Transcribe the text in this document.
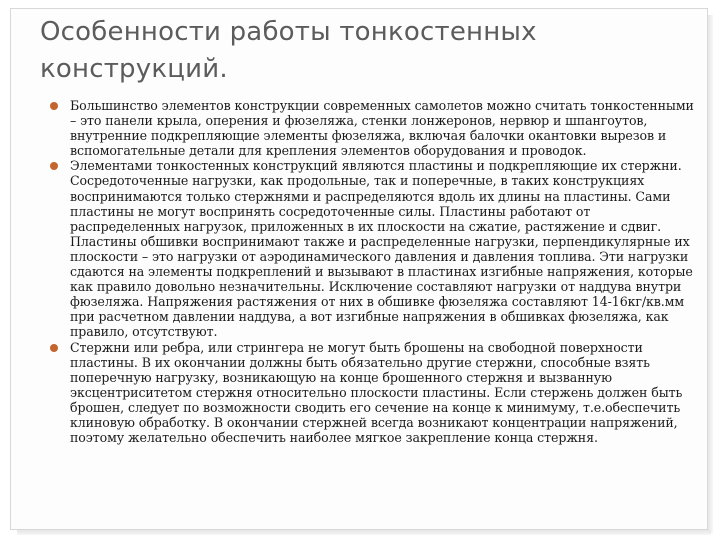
Особенности работы тонкостенных конструкций.
Большинство элементов конструкции современных самолетов можно считать тонкостенными – это панели крыла, оперения и фюзеляжа, стенки лонжеронов, нервюр и шпангоутов, внутренние подкрепляющие элементы фюзеляжа, включая балочки окантовки вырезов и вспомогательные детали для крепления элементов оборудования и проводок.
Элементами тонкостенных конструкций являются пластины и подкрепляющие их стержни. Сосредоточенные нагрузки, как продольные, так и поперечные, в таких конструкциях воспринимаются только стержнями и распределяются вдоль их длины на пластины. Сами пластины не могут воспринять сосредоточенные силы. Пластины работают от распределенных нагрузок, приложенных в их плоскости на сжатие, растяжение и сдвиг. Пластины обшивки воспринимают также и распределенные нагрузки, перпендикулярные их плоскости – это нагрузки от аэродинамического давления и давления топлива. Эти нагрузки сдаются на элементы подкреплений и вызывают в пластинах изгибные напряжения, которые как правило довольно незначительны. Исключение составляют нагрузки от наддува внутри фюзеляжа. Напряжения растяжения от них в обшивке фюзеляжа составляют 14-16кг/кв.мм при расчетном давлении наддува, а вот изгибные напряжения в обшивках фюзеляжа, как правило, отсутствуют.
Стержни или ребра, или стрингера не могут быть брошены на свободной поверхности пластины. В их окончании должны быть обязательно другие стержни, способные взять поперечную нагрузку, возникающую на конце брошенного стержня и вызванную эксцентриситетом стержня относительно плоскости пластины. Если стержень должен быть брошен, следует по возможности сводить его сечение на конце к минимуму, т.е.обеспечить клиновую обработку. В окончании стержней всегда возникают концентрации напряжений, поэтому желательно обеспечить наиболее мягкое закрепление конца стержня.
